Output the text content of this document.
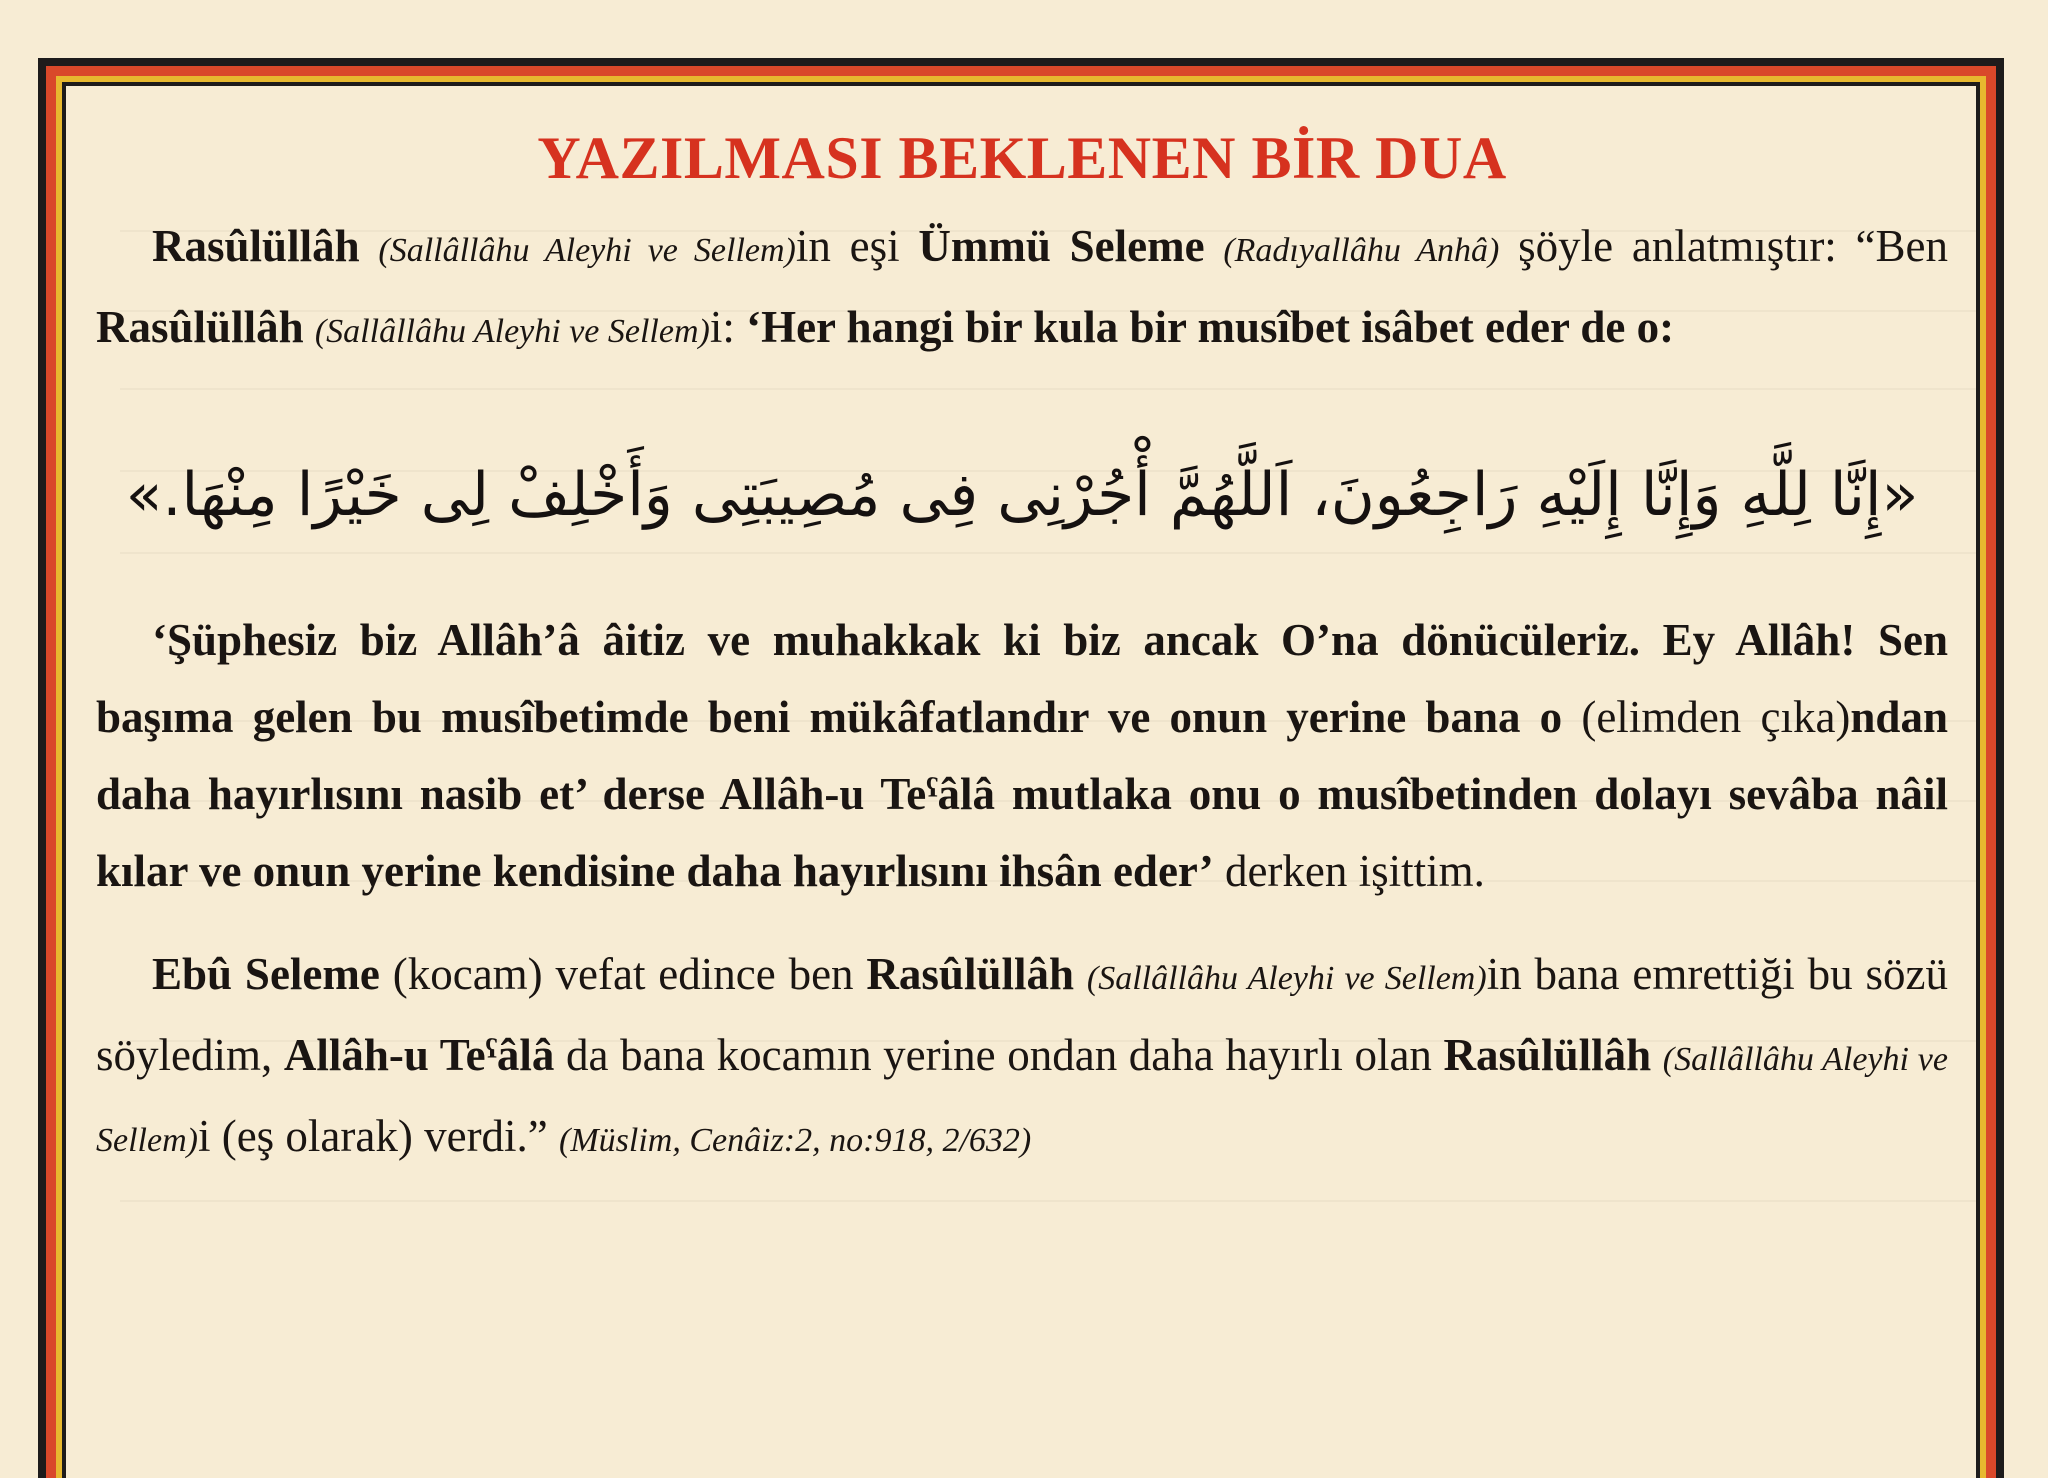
YAZILMASI BEKLENEN BİR DUA

Rasûlüllâh (Sallâllâhu Aleyhi ve Sellem)in eşi Ümmü Seleme (Radıyallâhu Anhâ) şöyle anlatmıştır: “Ben Rasûlüllâh (Sallâllâhu Aleyhi ve Sellem)i: ‘Her hangi bir kula bir musîbet isâbet eder de o:

«إِنَّا لِلَّهِ وَإِنَّا إِلَيْهِ رَاجِعُونَ، اَللَّهُمَّ أْجُرْنِى فِى مُصِيبَتِى وَأَخْلِفْ لِى خَيْرًا مِنْهَا.»

‘Şüphesiz biz Allâh’â âitiz ve muhakkak ki biz ancak O’na dönücüleriz. Ey Allâh! Sen başıma gelen bu musîbetimde beni mükâfatlandır ve onun yerine bana o (elimden çıka)ndan daha hayırlısını nasib et’ derse Allâh-u Teˁâlâ mutlaka onu o musîbetinden dolayı sevâba nâil kılar ve onun yerine kendisine daha hayırlısını ihsân eder’ derken işittim.

Ebû Seleme (kocam) vefat edince ben Rasûlüllâh (Sallâllâhu Aleyhi ve Sellem)in bana emrettiği bu sözü söyledim, Allâh-u Teˁâlâ da bana kocamın yerine ondan daha hayırlı olan Rasûlüllâh (Sallâllâhu Aleyhi ve Sellem)i (eş olarak) verdi.” (Müslim, Cenâiz:2, no:918, 2/632)
